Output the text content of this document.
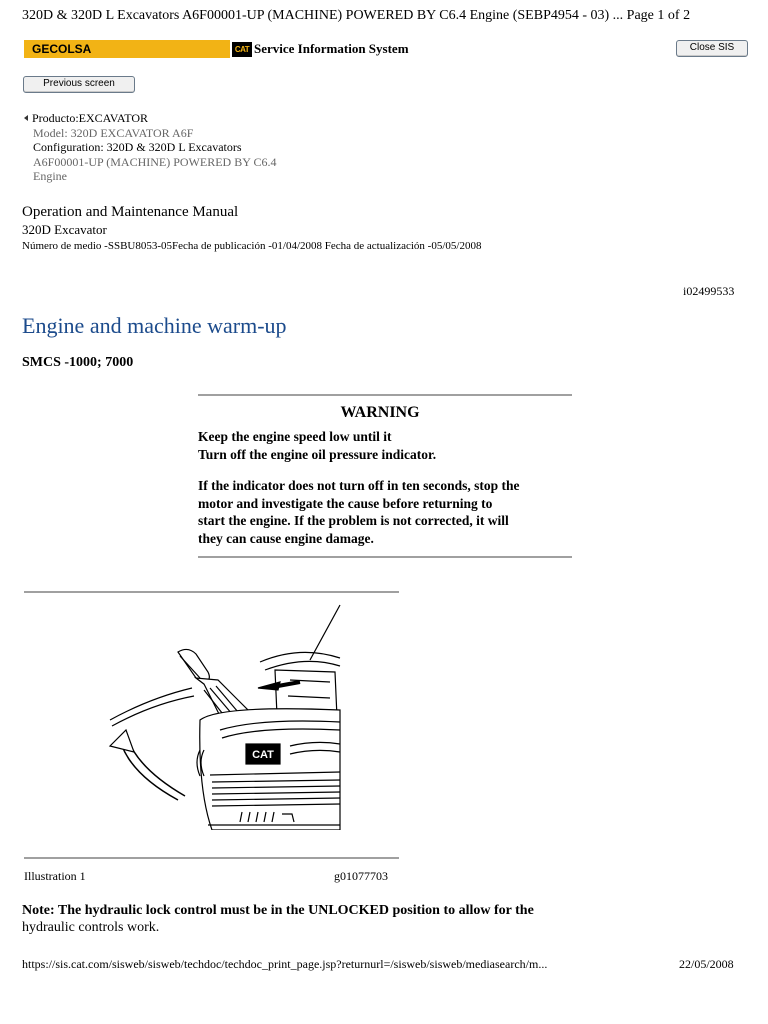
320D & 320D L Excavators A6F00001-UP (MACHINE) POWERED BY C6.4 Engine (SEBP4954 - 03) ... Page 1 of 2
GECOLSA	CAT Service Information System	Close SIS
Previous screen
Producto:EXCAVATOR
Model: 320D EXCAVATOR A6F
Configuration: 320D & 320D L Excavators
A6F00001-UP (MACHINE) POWERED BY C6.4
Engine
Operation and Maintenance Manual
320D Excavator
Número de medio -SSBU8053-05Fecha de publicación -01/04/2008 Fecha de actualización -05/05/2008
i02499533
Engine and machine warm-up
SMCS -1000; 7000
WARNING
Keep the engine speed low until it
Turn off the engine oil pressure indicator.
If the indicator does not turn off in ten seconds, stop the
motor and investigate the cause before returning to
start the engine. If the problem is not corrected, it will
they can cause engine damage.
CAT
Illustration 1	g01077703
Note: The hydraulic lock control must be in the UNLOCKED position to allow for the
hydraulic controls work.
https://sis.cat.com/sisweb/sisweb/techdoc/techdoc_print_page.jsp?returnurl=/sisweb/sisweb/mediasearch/m...	22/05/2008
